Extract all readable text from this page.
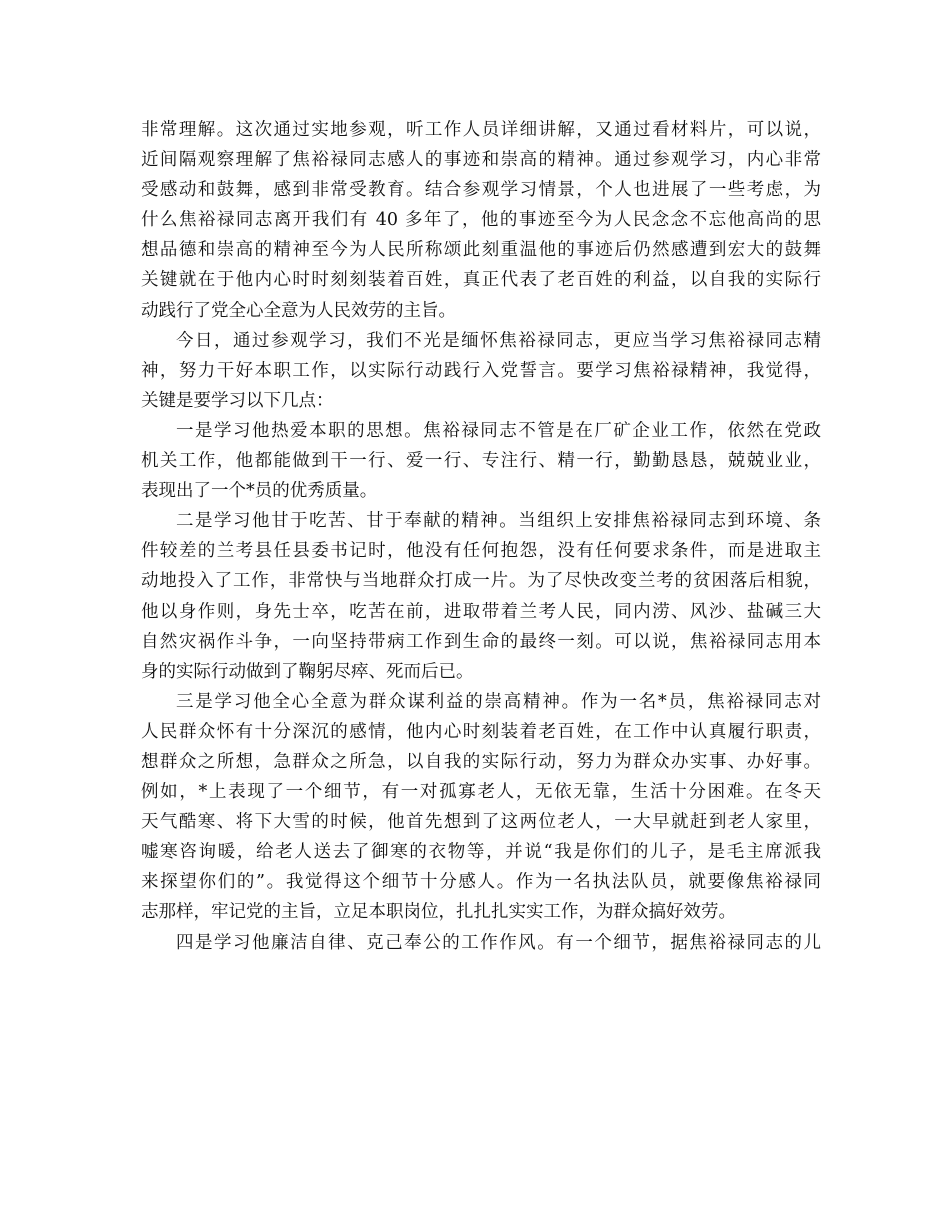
非常理解。这次通过实地参观，听工作人员详细讲解，又通过看材料片，可以说，
近间隔观察理解了焦裕禄同志感人的事迹和崇高的精神。通过参观学习，内心非常
受感动和鼓舞，感到非常受教育。结合参观学习情景，个人也进展了一些考虑，为
什么焦裕禄同志离开我们有 40 多年了，他的事迹至今为人民念念不忘他高尚的思
想品德和崇高的精神至今为人民所称颂此刻重温他的事迹后仍然感遭到宏大的鼓舞
关键就在于他内心时时刻刻装着百姓，真正代表了老百姓的利益，以自我的实际行
动践行了党全心全意为人民效劳的主旨。
今日，通过参观学习，我们不光是缅怀焦裕禄同志，更应当学习焦裕禄同志精
神，努力干好本职工作，以实际行动践行入党誓言。要学习焦裕禄精神，我觉得，
关键是要学习以下几点：
一是学习他热爱本职的思想。焦裕禄同志不管是在厂矿企业工作，依然在党政
机关工作，他都能做到干一行、爱一行、专注行、精一行，勤勤恳恳，兢兢业业，
表现出了一个*员的优秀质量。
二是学习他甘于吃苦、甘于奉献的精神。当组织上安排焦裕禄同志到环境、条
件较差的兰考县任县委书记时，他没有任何抱怨，没有任何要求条件，而是进取主
动地投入了工作，非常快与当地群众打成一片。为了尽快改变兰考的贫困落后相貌，
他以身作则，身先士卒，吃苦在前，进取带着兰考人民，同内涝、风沙、盐碱三大
自然灾祸作斗争，一向坚持带病工作到生命的最终一刻。可以说，焦裕禄同志用本
身的实际行动做到了鞠躬尽瘁、死而后已。
三是学习他全心全意为群众谋利益的崇高精神。作为一名*员，焦裕禄同志对
人民群众怀有十分深沉的感情，他内心时刻装着老百姓，在工作中认真履行职责，
想群众之所想，急群众之所急，以自我的实际行动，努力为群众办实事、办好事。
例如，*上表现了一个细节，有一对孤寡老人，无依无靠，生活十分困难。在冬天
天气酷寒、将下大雪的时候，他首先想到了这两位老人，一大早就赶到老人家里，
嘘寒咨询暖，给老人送去了御寒的衣物等，并说“我是你们的儿子，是毛主席派我
来探望你们的”。我觉得这个细节十分感人。作为一名执法队员，就要像焦裕禄同
志那样，牢记党的主旨，立足本职岗位，扎扎扎实实工作，为群众搞好效劳。
四是学习他廉洁自律、克己奉公的工作作风。有一个细节，据焦裕禄同志的儿
